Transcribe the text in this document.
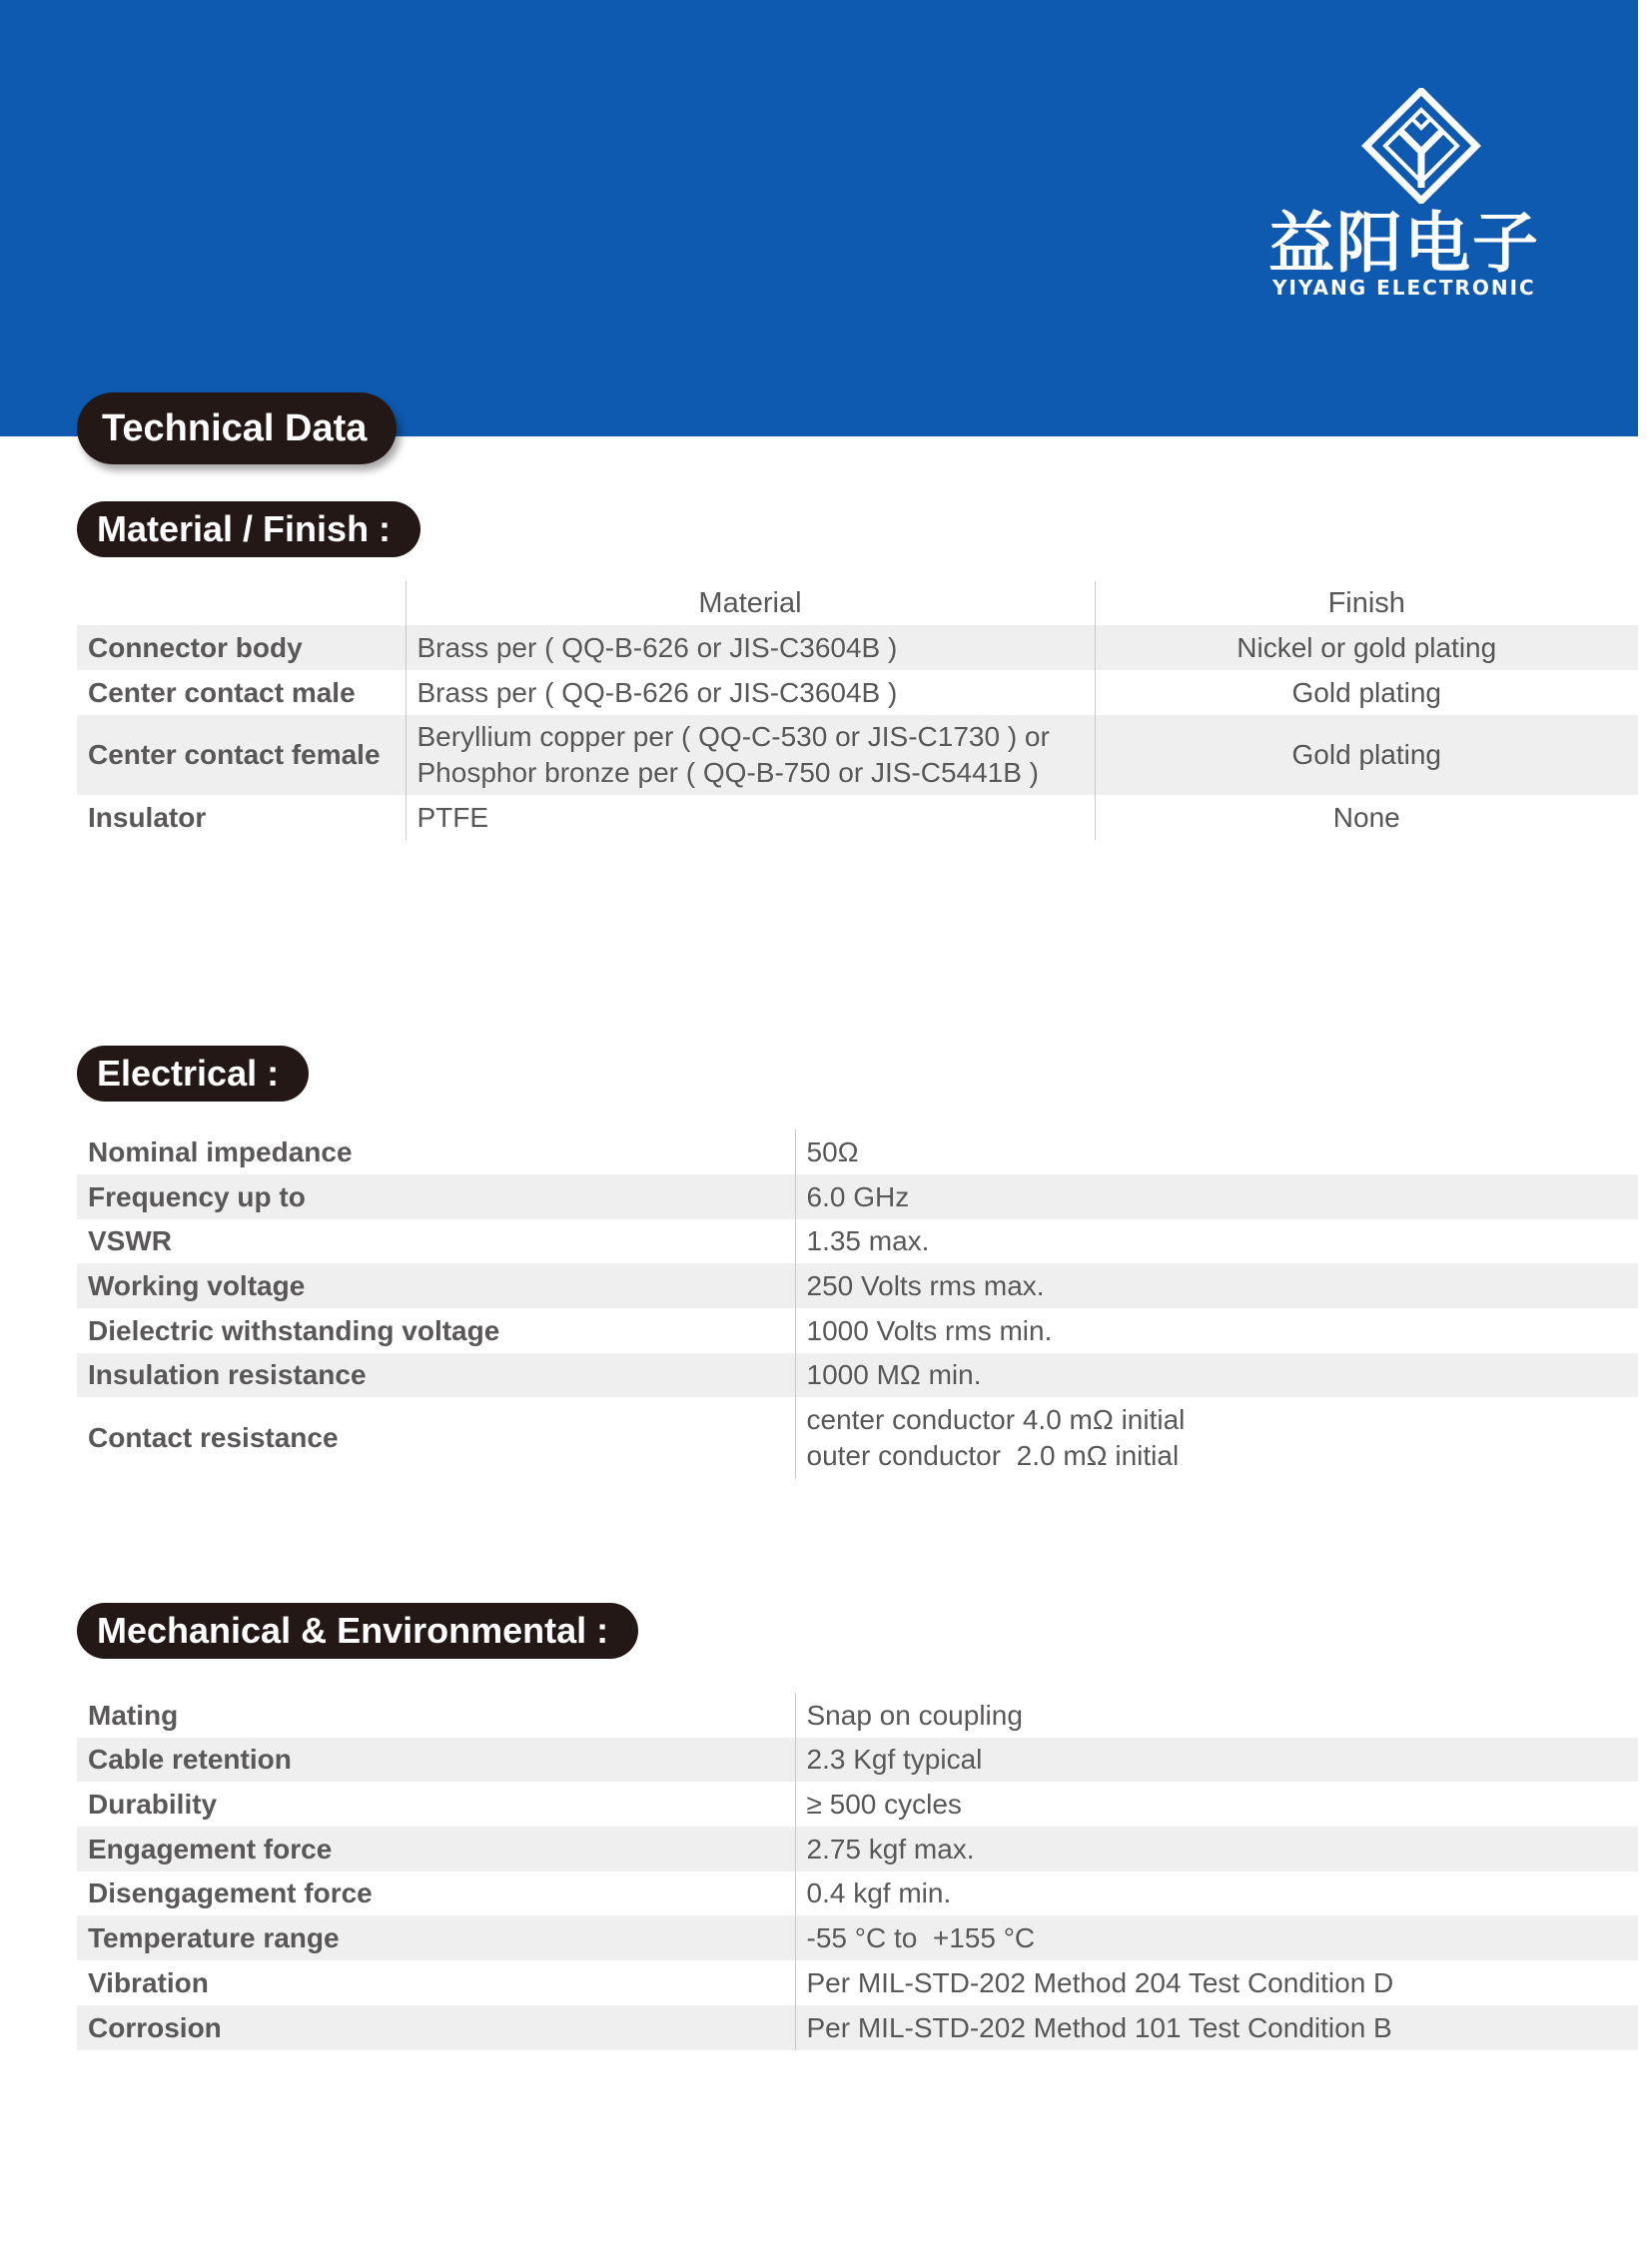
益阳电子
YIYANG ELECTRONIC
Technical Data
Material / Finish :
	Material	Finish
Connector body	Brass per ( QQ-B-626 or JIS-C3604B )	Nickel or gold plating
Center contact male	Brass per ( QQ-B-626 or JIS-C3604B )	Gold plating
Center contact female	Beryllium copper per ( QQ-C-530 or JIS-C1730 ) or
Phosphor bronze per ( QQ-B-750 or JIS-C5441B )	Gold plating
Insulator	PTFE	None
Electrical :
Nominal impedance	50Ω
Frequency up to	6.0 GHz
VSWR	1.35 max.
Working voltage	250 Volts rms max.
Dielectric withstanding voltage	1000 Volts rms min.
Insulation resistance	1000 MΩ min.
Contact resistance	center conductor 4.0 mΩ initial
outer conductor  2.0 mΩ initial
Mechanical & Environmental :
Mating	Snap on coupling
Cable retention	2.3 Kgf typical
Durability	≥ 500 cycles
Engagement force	2.75 kgf max.
Disengagement force	0.4 kgf min.
Temperature range	-55 °C to  +155 °C
Vibration	Per MIL-STD-202 Method 204 Test Condition D
Corrosion	Per MIL-STD-202 Method 101 Test Condition B
